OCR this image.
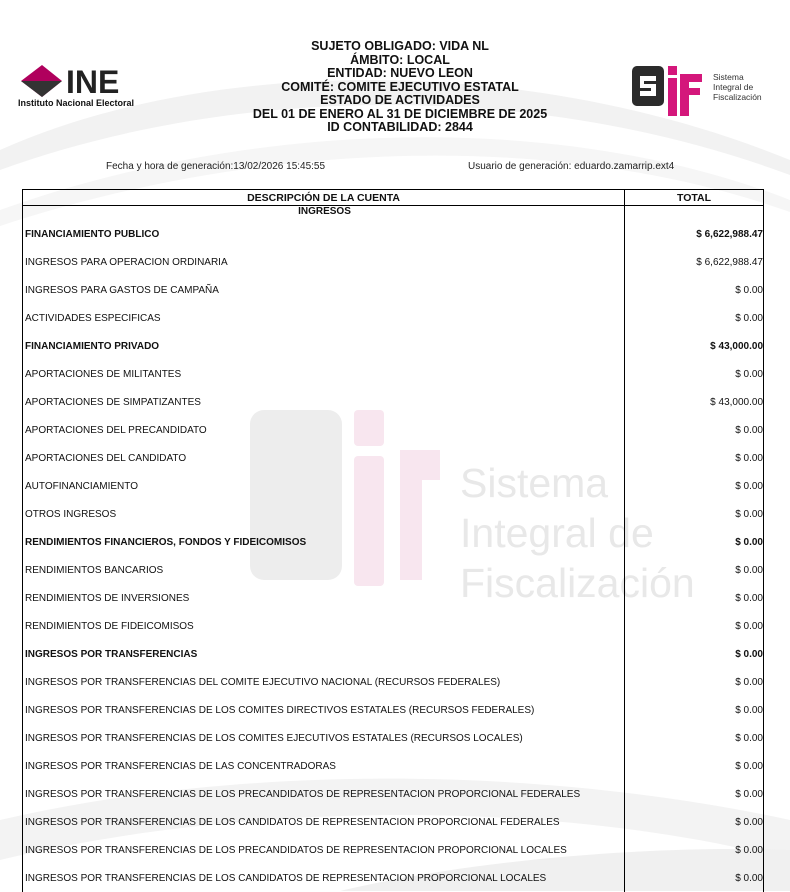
Sistema
Integral de
Fiscalización
INE
Instituto Nacional Electoral
Sistema
Integral de
Fiscalización
SUJETO OBLIGADO: VIDA NL
ÁMBITO: LOCAL
ENTIDAD: NUEVO LEON
COMITÉ: COMITE EJECUTIVO ESTATAL
ESTADO DE ACTIVIDADES
DEL 01 DE ENERO AL 31 DE DICIEMBRE DE 2025
ID CONTABILIDAD: 2844
Fecha y hora de generación:13/02/2026 15:45:55	Usuario de generación: eduardo.zamarrip.ext4
DESCRIPCIÓN DE LA CUENTA	TOTAL
INGRESOS	
FINANCIAMIENTO PUBLICO	$ 6,622,988.47
INGRESOS PARA OPERACION ORDINARIA	$ 6,622,988.47
INGRESOS PARA GASTOS DE CAMPAÑA	$ 0.00
ACTIVIDADES ESPECIFICAS	$ 0.00
FINANCIAMIENTO PRIVADO	$ 43,000.00
APORTACIONES DE MILITANTES	$ 0.00
APORTACIONES DE SIMPATIZANTES	$ 43,000.00
APORTACIONES DEL PRECANDIDATO	$ 0.00
APORTACIONES DEL CANDIDATO	$ 0.00
AUTOFINANCIAMIENTO	$ 0.00
OTROS INGRESOS	$ 0.00
RENDIMIENTOS FINANCIEROS, FONDOS Y FIDEICOMISOS	$ 0.00
RENDIMIENTOS BANCARIOS	$ 0.00
RENDIMIENTOS DE INVERSIONES	$ 0.00
RENDIMIENTOS DE FIDEICOMISOS	$ 0.00
INGRESOS POR TRANSFERENCIAS	$ 0.00
INGRESOS POR TRANSFERENCIAS DEL COMITE EJECUTIVO NACIONAL (RECURSOS FEDERALES)	$ 0.00
INGRESOS POR TRANSFERENCIAS DE LOS COMITES DIRECTIVOS ESTATALES (RECURSOS FEDERALES)	$ 0.00
INGRESOS POR TRANSFERENCIAS DE LOS COMITES EJECUTIVOS ESTATALES (RECURSOS LOCALES)	$ 0.00
INGRESOS POR TRANSFERENCIAS DE LAS CONCENTRADORAS	$ 0.00
INGRESOS POR TRANSFERENCIAS DE LOS PRECANDIDATOS DE REPRESENTACION PROPORCIONAL FEDERALES	$ 0.00
INGRESOS POR TRANSFERENCIAS DE LOS CANDIDATOS DE REPRESENTACION PROPORCIONAL FEDERALES	$ 0.00
INGRESOS POR TRANSFERENCIAS DE LOS PRECANDIDATOS DE REPRESENTACION PROPORCIONAL LOCALES	$ 0.00
INGRESOS POR TRANSFERENCIAS DE LOS CANDIDATOS DE REPRESENTACION PROPORCIONAL LOCALES	$ 0.00
